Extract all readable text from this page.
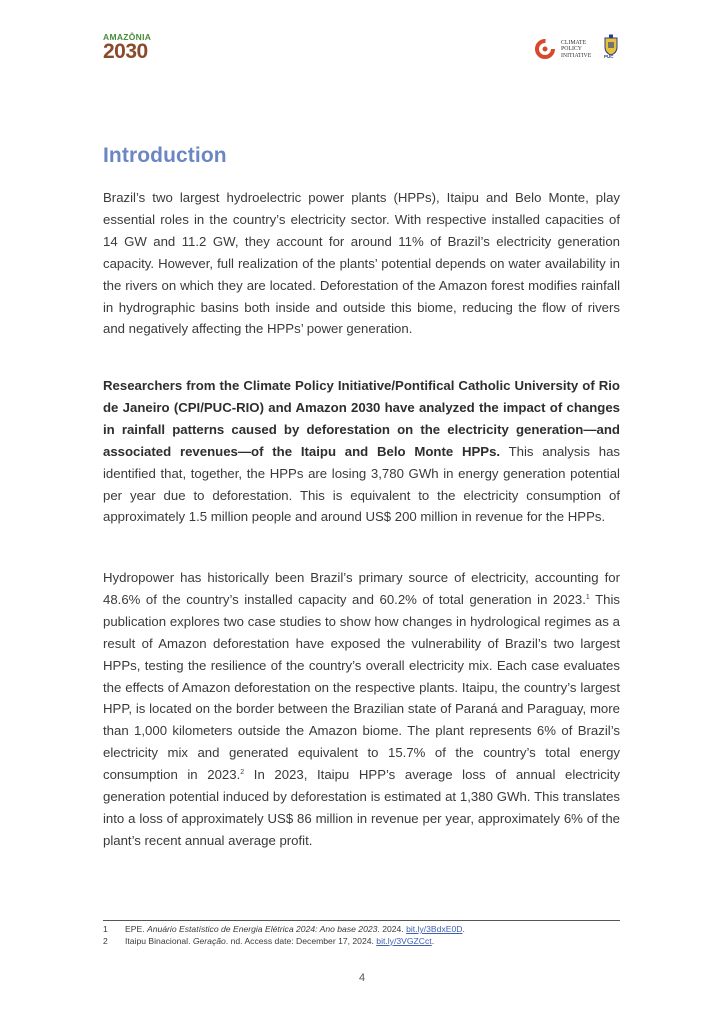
AMAZÔNIA
2030	CLIMATE
POLICY
INITIATIVE	PUC
Introduction

Brazil’s two largest hydroelectric power plants (HPPs), Itaipu and Belo Monte, play essential roles in the country’s electricity sector. With respective installed capacities of 14 GW and 11.2 GW, they account for around 11% of Brazil’s electricity generation capacity. However, full realization of the plants’ potential depends on water availability in the rivers on which they are located. Deforestation of the Amazon forest modifies rainfall in hydrographic basins both inside and outside this biome, reducing the flow of rivers and negatively affecting the HPPs’ power generation.

Researchers from the Climate Policy Initiative/Pontifical Catholic University of Rio de Janeiro (CPI/PUC-RIO) and Amazon 2030 have analyzed the impact of changes in rainfall patterns caused by deforestation on the electricity generation—and associated revenues—of the Itaipu and Belo Monte HPPs. This analysis has identified that, together, the HPPs are losing 3,780 GWh in energy generation potential per year due to deforestation. This is equivalent to the electricity consumption of approximately 1.5 million people and around US$ 200 million in revenue for the HPPs.

Hydropower has historically been Brazil’s primary source of electricity, accounting for 48.6% of the country’s installed capacity and 60.2% of total generation in 2023.$^1$ This publication explores two case studies to show how changes in hydrological regimes as a result of Amazon deforestation have exposed the vulnerability of Brazil’s two largest HPPs, testing the resilience of the country’s overall electricity mix. Each case evaluates the effects of Amazon deforestation on the respective plants. Itaipu, the country’s largest HPP, is located on the border between the Brazilian state of Paraná and Paraguay, more than 1,000 kilometers outside the Amazon biome. The plant represents 6% of Brazil’s electricity mix and generated equivalent to 15.7% of the country’s total energy consumption in 2023.$^2$ In 2023, Itaipu HPP’s average loss of annual electricity generation potential induced by deforestation is estimated at 1,380 GWh. This translates into a loss of approximately US$ 86 million in revenue per year, approximately 6% of the plant’s recent annual average profit.

1	EPE. Anuário Estatístico de Energia Elétrica 2024: Ano base 2023. 2024. bit.ly/3BdxE0D.
2	Itaipu Binacional. Geração. nd. Access date: December 17, 2024. bit.ly/3VGZCct.
4
